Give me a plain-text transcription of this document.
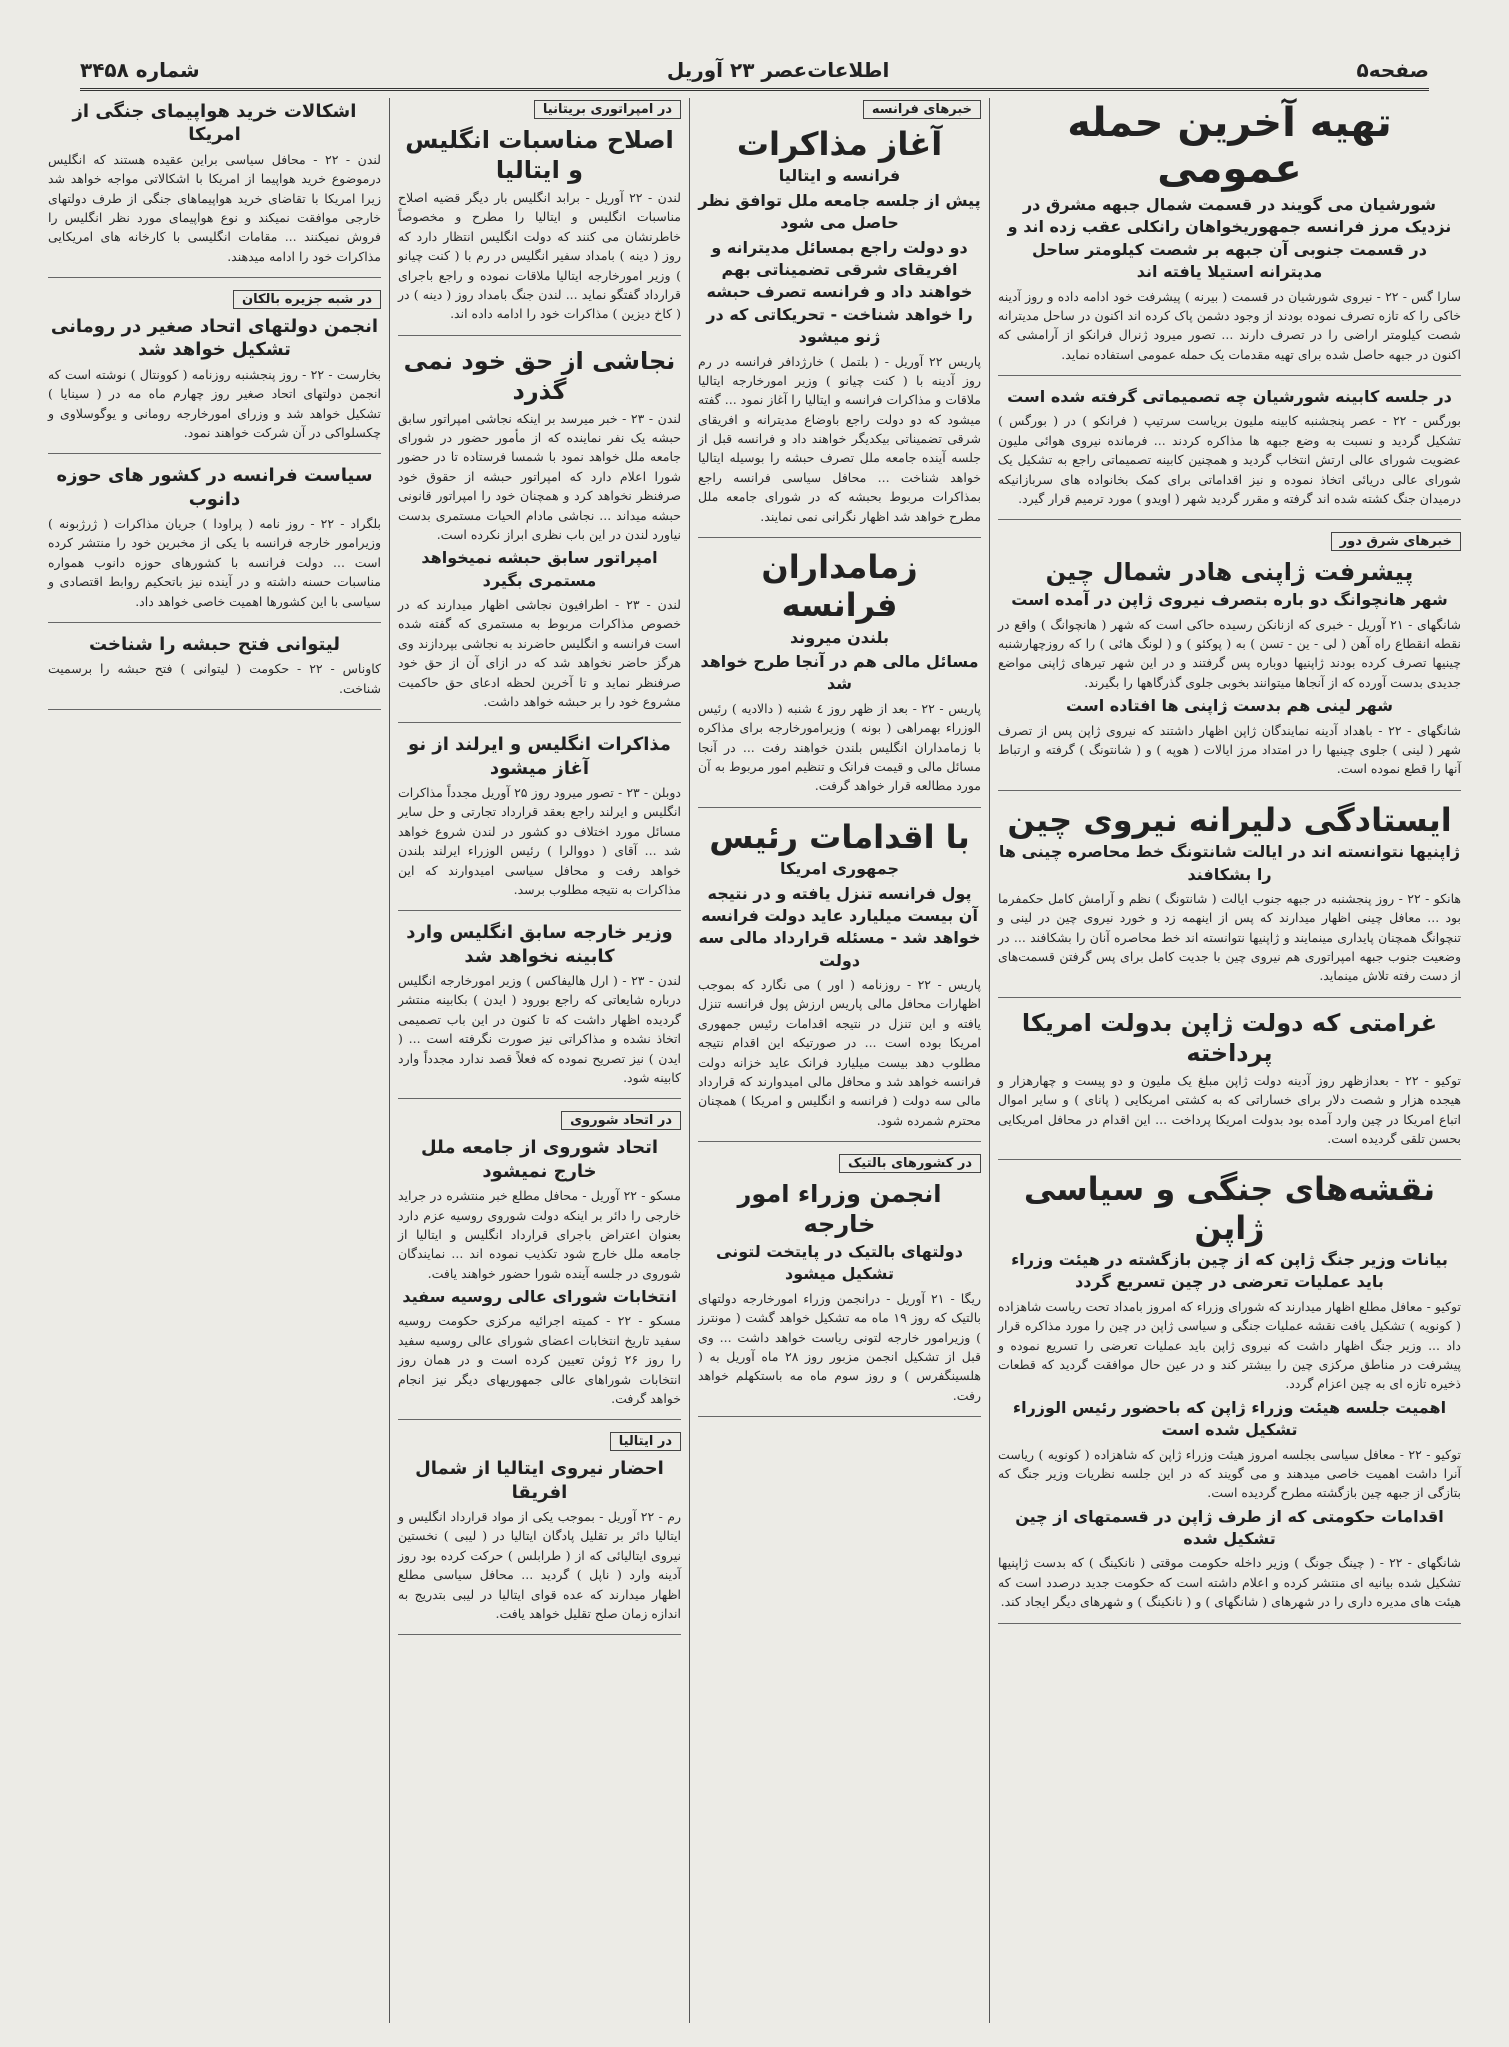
صفحه۵
اطلاعات‌عصر ۲۳ آوریل
شماره ۳۴۵۸
تهیه آخرین حمله عمومی
شورشیان می گویند در قسمت شمال جبهه مشرق در نزدیک مرز فرانسه جمهوریخواهان رانکلی عقب زده اند و در قسمت جنوبی آن جبهه بر شصت کیلومتر ساحل مدیترانه استیلا یافته اند

سارا گس - ۲۲ - نیروی شورشیان در قسمت ( بیرنه ) پیشرفت خود ادامه داده و روز آدینه خاکی را که تازه تصرف نموده بودند از وجود دشمن پاک کرده اند اکنون در ساحل مدیترانه شصت کیلومتر اراضی را در تصرف دارند ... تصور میرود ژنرال فرانکو از آرامشی که اکنون در جبهه حاصل شده برای تهیه مقدمات یک حمله عمومی استفاده نماید.

در جلسه کابینه شورشیان چه تصمیماتی گرفته شده است

بورگس - ۲۲ - عصر پنجشنبه کابینه ملیون بریاست سرتیپ ( فرانکو ) در ( بورگس ) تشکیل گردید و نسبت به وضع جبهه ها مذاکره کردند ... فرمانده نیروی هوائی ملیون عضویت شورای عالی ارتش انتخاب گردید و همچنین کابینه تصمیماتی راجع به تشکیل یک شورای عالی دریائی اتخاذ نموده و نیز اقداماتی برای کمک بخانواده های سربازانیکه درمیدان جنگ کشته شده اند گرفته و مقرر گردید شهر ( اویدو ) مورد ترمیم قرار گیرد.

خبرهای شرق دور
پیشرفت ژاپنی هادر شمال چین
شهر هانچوانگ دو باره بتصرف نیروی ژاپن در آمده است

شانگهای - ۲۱ آوریل - خبری که ازنانکن رسیده حاکی است که شهر ( هانچوانگ ) واقع در نقطه انقطاع راه آهن ( لی - ین - تسن ) به ( پوکئو ) و ( لونگ هائی ) را که روزچهارشنبه چینیها تصرف کرده بودند ژاپنیها دوباره پس گرفتند و در این شهر تیرهای ژاپنی مواضع جدیدی بدست آورده که از آنجاها میتوانند بخوبی جلوی گذرگاهها را بگیرند.

شهر لینی هم بدست ژاپنی ها افتاده است

شانگهای - ۲۲ - باهداد آدینه نمایندگان ژاپن اظهار داشتند که نیروی ژاپن پس از تصرف شهر ( لینی ) جلوی چینیها را در امتداد مرز ایالات ( هوپه ) و ( شانتونگ ) گرفته و ارتباط آنها را قطع نموده است.

ایستادگی دلیرانه نیروی چین
ژاپنیها نتوانسته اند در ایالت شانتونگ خط محاصره چینی ها را بشکافند

هانکو - ۲۲ - روز پنجشنبه در جبهه جنوب ایالت ( شانتونگ ) نظم و آرامش کامل حکمفرما بود ... معافل چینی اظهار میدارند که پس از اینهمه زد و خورد نیروی چین در لینی و تنچوانگ همچنان پایداری مینمایند و ژاپنیها نتوانسته اند خط محاصره آنان را بشکافند ... در وضعیت جنوب جبهه امپراتوری هم نیروی چین با جدیت کامل برای پس گرفتن قسمت‌های از دست رفته تلاش مینماید.

غرامتی که دولت ژاپن بدولت امریکا پرداخته

توکیو - ۲۲ - بعدازظهر روز آدینه دولت ژاپن مبلغ یک ملیون و دو پیست و چهارهزار و هیجده هزار و شصت دلار برای خساراتی که به کشتی امریکایی ( پانای ) و سایر اموال اتباع امریکا در چین وارد آمده بود بدولت امریکا پرداخت ... این اقدام در محافل امریکایی بحسن تلقی گردیده است.

نقشه‌های جنگی و سیاسی ژاپن
بیانات وزیر جنگ ژاپن که از چین بازگشته در هیئت وزراء باید عملیات تعرضی در چین تسریع گردد

توکیو - معافل مطلع اظهار میدارند که شورای وزراء که امروز بامداد تحت ریاست شاهزاده ( کونویه ) تشکیل یافت نقشه عملیات جنگی و سیاسی ژاپن در چین را مورد مذاکره قرار داد ... وزیر جنگ اظهار داشت که نیروی ژاپن باید عملیات تعرضی را تسریع نموده و پیشرفت در مناطق مرکزی چین را بیشتر کند و در عین حال موافقت گردید که قطعات ذخیره تازه ای به چین اعزام گردد.

اهمیت جلسه هیئت وزراء ژاپن که باحضور رئیس الوزراء تشکیل شده است

توکیو - ۲۲ - معافل سیاسی بجلسه امروز هیئت وزراء ژاپن که شاهزاده ( کونویه ) ریاست آنرا داشت اهمیت خاصی میدهند و می گویند که در این جلسه نظریات وزیر جنگ که بتازگی از جبهه چین بازگشته مطرح گردیده است.

اقدامات حکومتی که از طرف ژاپن در قسمتهای از چین تشکیل شده

شانگهای - ۲۲ - ( چینگ جونگ ) وزیر داخله حکومت موقتی ( نانکینگ ) که بدست ژاپنیها تشکیل شده بیانیه ای منتشر کرده و اعلام داشته است که حکومت جدید درصدد است که هیئت های مدیره داری را در شهرهای ( شانگهای ) و ( نانکینگ ) و شهرهای دیگر ایجاد کند.

خبرهای فرانسه
آغاز مذاکرات
فرانسه و ایتالیا
پیش از جلسه جامعه ملل توافق نظر حاصل می شود
دو دولت راجع بمسائل مدیترانه و افریقای شرقی تضمیناتی بهم خواهند داد و فرانسه تصرف حبشه را خواهد شناخت - تحریکاتی که در ژنو میشود

پاریس ۲۲ آوریل - ( بلتمل ) خارژدافر فرانسه در رم روز آدینه با ( کنت چیانو ) وزیر امورخارجه ایتالیا ملاقات و مذاکرات فرانسه و ایتالیا را آغاز نمود ... گفته میشود که دو دولت راجع باوضاع مدیترانه و افریقای شرقی تضمیناتی بیکدیگر خواهند داد و فرانسه قبل از جلسه آینده جامعه ملل تصرف حبشه را بوسیله ایتالیا خواهد شناخت ... محافل سیاسی فرانسه راجع بمذاکرات مربوط بحبشه که در شورای جامعه ملل مطرح خواهد شد اظهار نگرانی نمی نمایند.

زمامداران فرانسه
بلندن میروند
مسائل مالی هم در آنجا طرح خواهد شد

پاریس - ۲۲ - بعد از ظهر روز ٤ شنبه ( دالادیه ) رئیس الوزراء بهمراهی ( بونه ) وزیرامورخارجه برای مذاکره با زمامداران انگلیس بلندن خواهند رفت ... در آنجا مسائل مالی و قیمت فرانک و تنظیم امور مربوط به آن مورد مطالعه قرار خواهد گرفت.

با اقدامات رئیس
جمهوری امریکا
پول فرانسه تنزل یافته و در نتیجه آن بیست میلیارد عاید دولت فرانسه خواهد شد - مسئله قرارداد مالی سه دولت

پاریس - ۲۲ - روزنامه ( اور ) می نگارد که بموجب اظهارات محافل مالی پاریس ارزش پول فرانسه تنزل یافته و این تنزل در نتیجه اقدامات رئیس جمهوری امریکا بوده است ... در صورتیکه این اقدام نتیجه مطلوب دهد بیست میلیارد فرانک عاید خزانه دولت فرانسه خواهد شد و محافل مالی امیدوارند که قرارداد مالی سه دولت ( فرانسه و انگلیس و امریکا ) همچنان محترم شمرده شود.

در کشورهای بالتیک
انجمن وزراء امور خارجه
دولتهای بالتیک در پایتخت لتونی تشکیل میشود

ریگا - ۲۱ آوریل - درانجمن وزراء امورخارجه دولتهای بالتیک که روز ۱۹ ماه مه تشکیل خواهد گشت ( مونترز ) وزیرامور خارجه لتونی ریاست خواهد داشت ... وی قبل از تشکیل انجمن مزبور روز ۲۸ ماه آوریل به ( هلسینگفرس ) و روز سوم ماه مه باستکهلم خواهد رفت.

در امپراتوری بریتانیا
اصلاح مناسبات انگلیس و ایتالیا

لندن - ۲۲ آوریل - برابد انگلیس بار دیگر قضیه اصلاح مناسبات انگلیس و ایتالیا را مطرح و مخصوصاً خاطرنشان می کنند که دولت انگلیس انتظار دارد که روز ( دینه ) بامداد سفیر انگلیس در رم با ( کنت چیانو ) وزیر امورخارجه ایتالیا ملاقات نموده و راجع باجرای قرارداد گفتگو نماید ... لندن جنگ بامداد روز ( دینه ) در ( کاخ دیزین ) مذاکرات خود را ادامه داده اند.

نجاشی از حق خود نمی گذرد

لندن - ۲۳ - خبر میرسد بر اینکه نجاشی امپراتور سابق حبشه یک نفر نماینده که از مأمور حضور در شورای جامعه ملل خواهد نمود با شمسا فرستاده تا در حضور شورا اعلام دارد که امپراتور حبشه از حقوق خود صرفنظر نخواهد کرد و همچنان خود را امپراتور قانونی حبشه میداند ... نجاشی مادام الحیات مستمری بدست نیاورد لندن در این باب نظری ابراز نکرده است.

امپراتور سابق حبشه نمیخواهد مستمری بگیرد

لندن - ۲۳ - اطرافیون نجاشی اظهار میدارند که در خصوص مذاکرات مربوط به مستمری که گفته شده است فرانسه و انگلیس حاضرند به نجاشی بپردازند وی هرگز حاضر نخواهد شد که در ازای آن از حق خود صرفنظر نماید و تا آخرین لحظه ادعای حق حاکمیت مشروع خود را بر حبشه خواهد داشت.

مذاکرات انگلیس و ایرلند از نو آغاز میشود

دوبلن - ۲۳ - تصور میرود روز ۲۵ آوریل مجدداً مذاکرات انگلیس و ایرلند راجع بعقد قرارداد تجارتی و حل سایر مسائل مورد اختلاف دو کشور در لندن شروع خواهد شد ... آقای ( دووالرا ) رئیس الوزراء ایرلند بلندن خواهد رفت و محافل سیاسی امیدوارند که این مذاکرات به نتیجه مطلوب برسد.

وزیر خارجه سابق انگلیس وارد کابینه نخواهد شد

لندن - ۲۳ - ( ارل هالیفاکس ) وزیر امورخارجه انگلیس درباره شایعاتی که راجع بورود ( ایدن ) بکابینه منتشر گردیده اظهار داشت که تا کنون در این باب تصمیمی اتخاذ نشده و مذاکراتی نیز صورت نگرفته است ... ( ایدن ) نیز تصریح نموده که فعلاً قصد ندارد مجدداً وارد کابینه شود.

در اتحاد شوروی
اتحاد شوروی از جامعه ملل خارج نمیشود

مسکو - ۲۲ آوریل - محافل مطلع خبر منتشره در جراید خارجی را دائر بر اینکه دولت شوروی روسیه عزم دارد بعنوان اعتراض باجرای قرارداد انگلیس و ایتالیا از جامعه ملل خارج شود تکذیب نموده اند ... نمایندگان شوروی در جلسه آینده شورا حضور خواهند یافت.

انتخابات شورای عالی روسیه سفید

مسکو - ۲۲ - کمیته اجرائیه مرکزی حکومت روسیه سفید تاریخ انتخابات اعضای شورای عالی روسیه سفید را روز ۲۶ ژوئن تعیین کرده است و در همان روز انتخابات شوراهای عالی جمهوریهای دیگر نیز انجام خواهد گرفت.

در ایتالیا
احضار نیروی ایتالیا از شمال افریقا

رم - ۲۲ آوریل - بموجب یکی از مواد قرارداد انگلیس و ایتالیا دائر بر تقلیل پادگان ایتالیا در ( لیبی ) نخستین نیروی ایتالیائی که از ( طرابلس ) حرکت کرده بود روز آدینه وارد ( ناپل ) گردید ... محافل سیاسی مطلع اظهار میدارند که عده قوای ایتالیا در لیبی بتدریج به اندازه زمان صلح تقلیل خواهد یافت.

اشکالات خرید هواپیمای جنگی از امریکا

لندن - ۲۲ - محافل سیاسی براین عقیده هستند که انگلیس درموضوع خرید هواپیما از امریکا با اشکالاتی مواجه خواهد شد زیرا امریکا با تقاضای خرید هواپیماهای جنگی از طرف دولتهای خارجی موافقت نمیکند و نوع هواپیمای مورد نظر انگلیس را فروش نمیکنند ... مقامات انگلیسی با کارخانه های امریکایی مذاکرات خود را ادامه میدهند.

در شبه جزیره بالکان
انجمن دولتهای اتحاد صغیر در رومانی تشکیل خواهد شد

بخارست - ۲۲ - روز پنجشنبه روزنامه ( کوونتال ) نوشته است که انجمن دولتهای اتحاد صغیر روز چهارم ماه مه در ( سینایا ) تشکیل خواهد شد و وزرای امورخارجه رومانی و یوگوسلاوی و چکسلواکی در آن شرکت خواهند نمود.

سیاست فرانسه در کشور های حوزه دانوب

بلگراد - ۲۲ - روز نامه ( پراودا ) جریان مذاکرات ( ژرژبونه ) وزیرامور خارجه فرانسه با یکی از مخبرین خود را منتشر کرده است ... دولت فرانسه با کشورهای حوزه دانوب همواره مناسبات حسنه داشته و در آینده نیز باتحکیم روابط اقتصادی و سیاسی با این کشورها اهمیت خاصی خواهد داد.

لیتوانی فتح حبشه را شناخت

کاوناس - ۲۲ - حکومت ( لیتوانی ) فتح حبشه را برسمیت شناخت.
